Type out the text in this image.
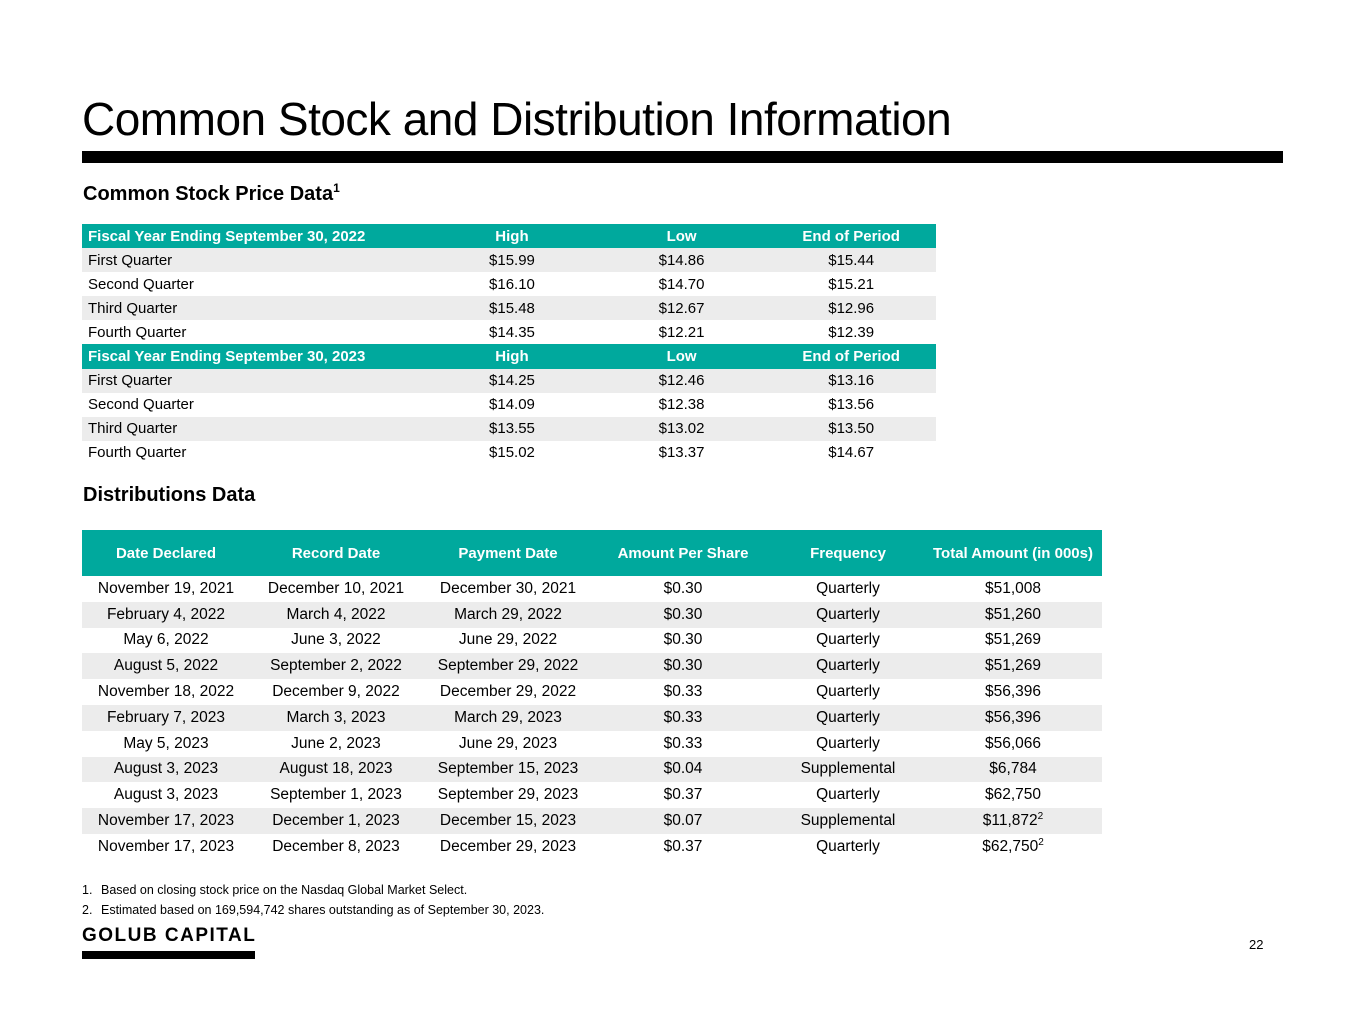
Common Stock and Distribution Information
Common Stock Price Data$^1$
Fiscal Year Ending September 30, 2022	High	Low	End of Period
First Quarter	$15.99	$14.86	$15.44
Second Quarter	$16.10	$14.70	$15.21
Third Quarter	$15.48	$12.67	$12.96
Fourth Quarter	$14.35	$12.21	$12.39
Fiscal Year Ending September 30, 2023	High	Low	End of Period
First Quarter	$14.25	$12.46	$13.16
Second Quarter	$14.09	$12.38	$13.56
Third Quarter	$13.55	$13.02	$13.50
Fourth Quarter	$15.02	$13.37	$14.67
Distributions Data
Date Declared	Record Date	Payment Date	Amount Per Share	Frequency	Total Amount (in 000s)
November 19, 2021	December 10, 2021	December 30, 2021	$0.30	Quarterly	$51,008
February 4, 2022	March 4, 2022	March 29, 2022	$0.30	Quarterly	$51,260
May 6, 2022	June 3, 2022	June 29, 2022	$0.30	Quarterly	$51,269
August 5, 2022	September 2, 2022	September 29, 2022	$0.30	Quarterly	$51,269
November 18, 2022	December 9, 2022	December 29, 2022	$0.33	Quarterly	$56,396
February 7, 2023	March 3, 2023	March 29, 2023	$0.33	Quarterly	$56,396
May 5, 2023	June 2, 2023	June 29, 2023	$0.33	Quarterly	$56,066
August 3, 2023	August 18, 2023	September 15, 2023	$0.04	Supplemental	$6,784
August 3, 2023	September 1, 2023	September 29, 2023	$0.37	Quarterly	$62,750
November 17, 2023	December 1, 2023	December 15, 2023	$0.07	Supplemental	$11,872$^2$
November 17, 2023	December 8, 2023	December 29, 2023	$0.37	Quarterly	$62,750$^2$
1. Based on closing stock price on the Nasdaq Global Market Select.
2. Estimated based on 169,594,742 shares outstanding as of September 30, 2023.
GOLUB CAPITAL	22
